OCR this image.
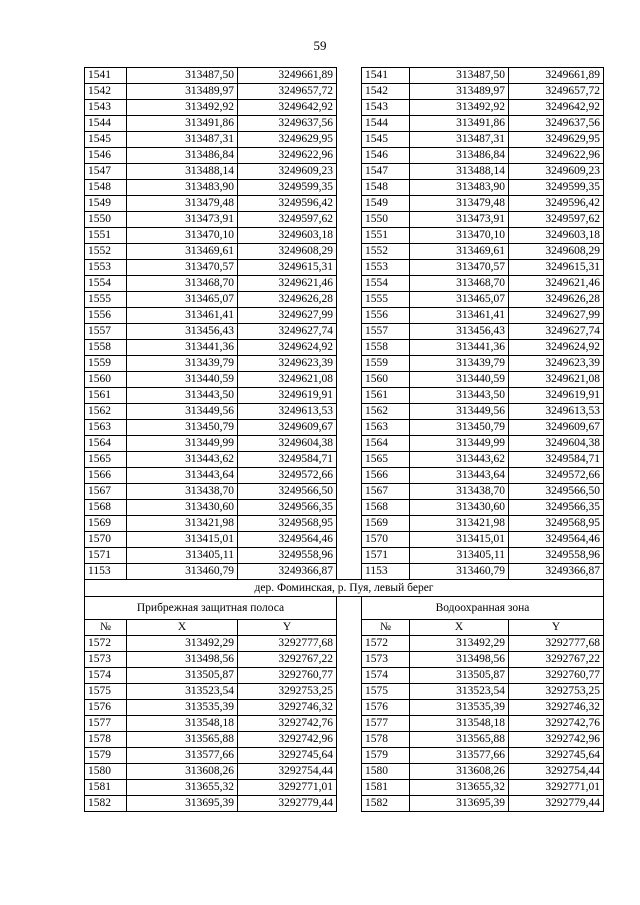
59
1541	313487,50	3249661,89		1541	313487,50	3249661,89
1542	313489,97	3249657,72		1542	313489,97	3249657,72
1543	313492,92	3249642,92		1543	313492,92	3249642,92
1544	313491,86	3249637,56		1544	313491,86	3249637,56
1545	313487,31	3249629,95		1545	313487,31	3249629,95
1546	313486,84	3249622,96		1546	313486,84	3249622,96
1547	313488,14	3249609,23		1547	313488,14	3249609,23
1548	313483,90	3249599,35		1548	313483,90	3249599,35
1549	313479,48	3249596,42		1549	313479,48	3249596,42
1550	313473,91	3249597,62		1550	313473,91	3249597,62
1551	313470,10	3249603,18		1551	313470,10	3249603,18
1552	313469,61	3249608,29		1552	313469,61	3249608,29
1553	313470,57	3249615,31		1553	313470,57	3249615,31
1554	313468,70	3249621,46		1554	313468,70	3249621,46
1555	313465,07	3249626,28		1555	313465,07	3249626,28
1556	313461,41	3249627,99		1556	313461,41	3249627,99
1557	313456,43	3249627,74		1557	313456,43	3249627,74
1558	313441,36	3249624,92		1558	313441,36	3249624,92
1559	313439,79	3249623,39		1559	313439,79	3249623,39
1560	313440,59	3249621,08		1560	313440,59	3249621,08
1561	313443,50	3249619,91		1561	313443,50	3249619,91
1562	313449,56	3249613,53		1562	313449,56	3249613,53
1563	313450,79	3249609,67		1563	313450,79	3249609,67
1564	313449,99	3249604,38		1564	313449,99	3249604,38
1565	313443,62	3249584,71		1565	313443,62	3249584,71
1566	313443,64	3249572,66		1566	313443,64	3249572,66
1567	313438,70	3249566,50		1567	313438,70	3249566,50
1568	313430,60	3249566,35		1568	313430,60	3249566,35
1569	313421,98	3249568,95		1569	313421,98	3249568,95
1570	313415,01	3249564,46		1570	313415,01	3249564,46
1571	313405,11	3249558,96		1571	313405,11	3249558,96
1153	313460,79	3249366,87		1153	313460,79	3249366,87
дер. Фоминская, р. Пуя, левый берег						
Прибрежная защитная полоса				Водоохранная зона		
№	X	Y		№	X	Y
1572	313492,29	3292777,68		1572	313492,29	3292777,68
1573	313498,56	3292767,22		1573	313498,56	3292767,22
1574	313505,87	3292760,77		1574	313505,87	3292760,77
1575	313523,54	3292753,25		1575	313523,54	3292753,25
1576	313535,39	3292746,32		1576	313535,39	3292746,32
1577	313548,18	3292742,76		1577	313548,18	3292742,76
1578	313565,88	3292742,96		1578	313565,88	3292742,96
1579	313577,66	3292745,64		1579	313577,66	3292745,64
1580	313608,26	3292754,44		1580	313608,26	3292754,44
1581	313655,32	3292771,01		1581	313655,32	3292771,01
1582	313695,39	3292779,44		1582	313695,39	3292779,44
